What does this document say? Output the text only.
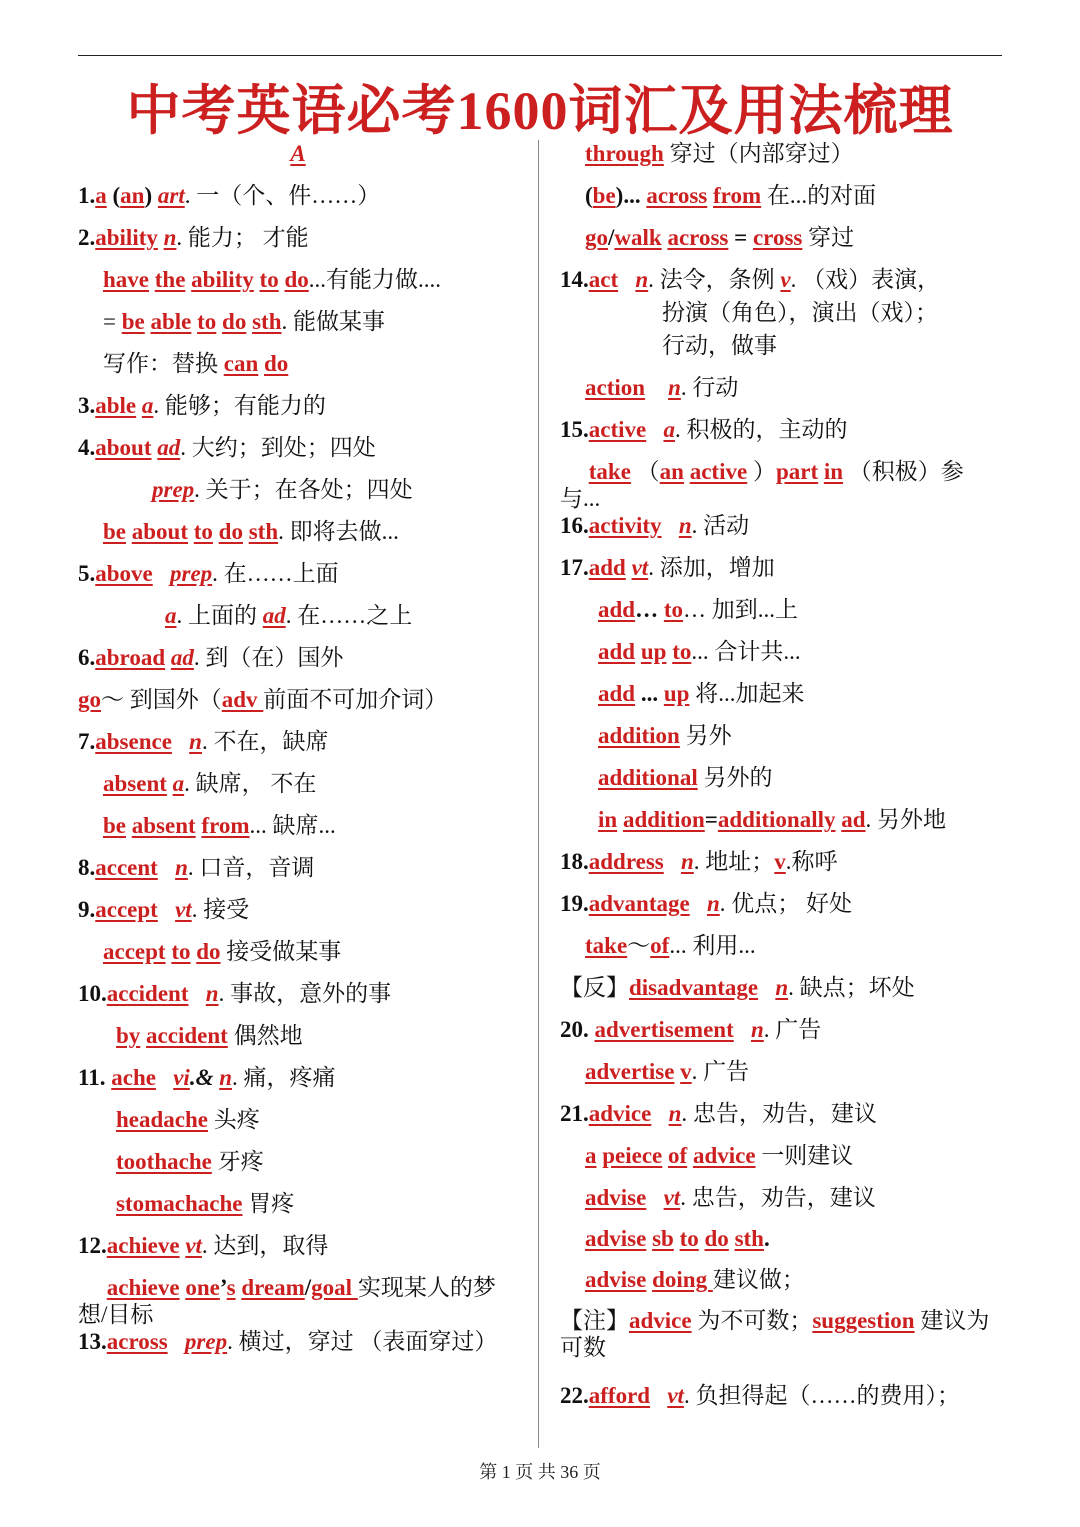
中考英语必考1600词汇及用法梳理
A
1.a (an) art. 一（个、件……）
2.ability n. 能力； 才能
have the ability to do...有能力做....
= be able to do sth. 能做某事
写作：替换 can do
3.able a. 能够；有能力的
4.about ad. 大约；到处；四处
prep. 关于；在各处；四处
be about to do sth. 即将去做...
5.above prep. 在……上面
a. 上面的 ad. 在……之上
6.abroad ad. 到（在）国外
go～ 到国外（adv 前面不可加介词）
7.absence n. 不在，缺席
absent a. 缺席， 不在
be absent from... 缺席...
8.accent n. 口音，音调
9.accept vt. 接受
accept to do 接受做某事
10.accident n. 事故，意外的事
by accident 偶然地
11. ache vi.& n. 痛，疼痛
headache 头疼
toothache 牙疼
stomachache 胃疼
12.achieve vt. 达到，取得
achieve one’s dream/goal 实现某人的梦想/目标
13.across prep. 横过，穿过 （表面穿过）
through 穿过（内部穿过）
(be)... across from 在...的对面
go/walk across = cross 穿过
14.act n. 法令，条例 v. （戏）表演，
扮演（角色），演出（戏）；
行动，做事
action n. 行动
15.active a. 积极的，主动的
take （an active ）part in （积极）参与...
16.activity n. 活动
17.add vt. 添加，增加
add… to… 加到...上
add up to... 合计共...
add ... up 将...加起来
addition 另外
additional 另外的
in addition=additionally ad. 另外地
18.address n. 地址；v.称呼
19.advantage n. 优点； 好处
take～of... 利用...
【反】disadvantage n. 缺点；坏处
20. advertisement n. 广告
advertise v. 广告
21.advice n. 忠告，劝告，建议
a peiece of advice 一则建议
advise vt. 忠告，劝告，建议
advise sb to do sth.
advise doing 建议做；
【注】advice 为不可数；suggestion 建议为可数
22.afford vt. 负担得起（……的费用）；
第 1 页 共 36 页
